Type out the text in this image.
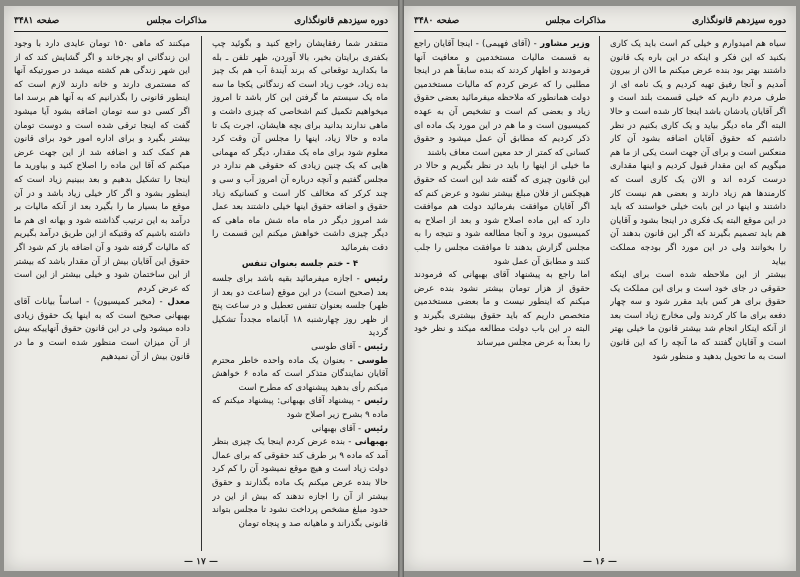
دوره سیزدهم قانونگذاری
مذاکرات مجلس
صفحه ۳۴۸۱

منتقدر شما رفقایشان راجع کنید و بگوئید چپ بکفتری برایتان بخیر، بالا آوردن، ظهر تلفن ـ بله ما بکدارید توقعاتی که برند آیندهٔ آب هم بک چیز بده زیاد، خوب زیاد است که زندگانی یکجا ما سه ماه یک سیستم ما گرفتن این کار باشد تا امروز میخواهیم تکمیل کنم اشخاصی که چیزی داشت و ماهی ندارند بدانید برای بچه هایشان، اجرت یک تا ماده و حالا زیاد، اینها را مجلس آن وقت کرد معلوم شود برای ماه یک مقدار، دیگر که مهمانی هایی که یک چنین زیادی که حقوقی هم ندارد در مجلس گفتیم و آنچه درباره آن امروز آب و سی و چند کرکر که مخالف کار است و کسانیکه زیاد حقوق و اضافه حقوق اینها خیلی داشتند بعد عمل شد امروز دیگر در ماه ماه شش ماه ماهی که دیگر چیزی داشت خواهش میکنم این قسمت را دقت بفرمائید

۴ - ختم جلسه بعنوان تنفس

رئیس - اجازه میفرمائید بقیه باشد برای جلسه بعد (صحیح است) در این موقع (ساعت دو بعد از ظهر) جلسه بعنوان تنفس تعطیل و در ساعت پنج از ظهر روز چهارشنبه ۱۸ آبانماه مجدداً تشکیل گردید

رئیس - آقای طوسی

طوسی - بعنوان یک ماده واحده خاطر محترم آقایان نمایندگان متذکر است که ماده ۶ خواهش میکنم رأی بدهید پیشنهادی که مطرح است

رئیس - پیشنهاد آقای بهبهانی: پیشنهاد میکنم که ماده ۹ بشرح زیر اصلاح شود

رئیس - آقای بهبهانی

بهبهانی - بنده عرض کردم اینجا یک چیزی بنظر آمد که ماده ۹ بر طرف کند حقوقی که برای عمال دولت زیاد است و هیچ موقع نمیشود آن را کم کرد حالا بنده عرض میکنم یک ماده بگذارند و حقوق بیشتر از آن را اجازه ندهند که بیش از این در حدود مبلغ مشخص پرداخت نشود تا مجلس بتواند قانونی بگذراند و ماهیانه صد و پنجاه تومان

میکنند که ماهی ۱۵۰ تومان عایدی دارد با وجود این زندگانی او بچرخاند و اگر گشایش کند که از این شهر زندگی هم کشته میشد در صورتیکه آنها که مستمری دارند و خانه دارند لازم است که اینطور قانونی را بگذرانیم که به آنها هم برسد اما اگر کسی دو سه تومان اضافه بشود آیا میشود گفت که اینجا ترقی شده است و دوست تومان بیشتر بگیرد و برای اداره امور خود برای قانون هم کمک کند و اضافه شد از این جهت عرض میکنم که آقا این ماده را اصلاح کنید و بیاورید ما اینجا را تشکیل بدهیم و بعد ببینیم زیاد است که اینطور بشود و اگر کار خیلی زیاد باشد و در آن موقع ما بسیار ما را بگیرد بعد از آنکه مالیات بر درآمد به این ترتیب گذاشته شود و بهانه ای هم ما داشته باشیم که وقتیکه از این طریق درآمد بگیریم که مالیات گرفته شود و آن اضافه باز کم شود اگر حقوق این آقایان بیش از آن مقدار باشد که بیشتر از این ساختمان شود و خیلی بیشتر از این است که عرض کردم

معدل - (مخبر کمیسیون) - اساساً بیانات آقای بهبهانی صحیح است که به اینها یک حقوق زیادی داده میشود ولی در این قانون حقوق آنهاییکه بیش از آن میزان است منظور شده است و ما در قانون بیش از آن نمیدهیم

— ۱۷ —
دوره سیزدهم قانونگذاری
مذاکرات مجلس
صفحه ۳۴۸۰

سیاه هم امیدوارم و خیلی کم است باید یک کاری بکنید که این فکر و اینکه در این باره یک قانون داشتند بهتر بود بنده عرض میکنم ما الان از بیرون آمدیم و آنجا رفیق تهیه کردیم و یک نامه ای از طرف مردم داریم که خیلی قسمت بلند است و اگر آقایان یادشان باشد اینجا کار شده است و حالا البته اگر ماه دیگر بیاید و یک کاری بکنیم در نظر داشتیم که حقوق آقایان اضافه بشود آن کار منعکس است و برای آن جهت است یکی از ما هم میگویم که این مقدار قبول کردیم و اینها مقداری درست کرده اند و الان یک کاری است که کارمندها هم زیاد دارند و بعضی هم نیست کار داشتند و اینها در این بابت خیلی خواستند که باید در این موقع البته یک فکری در اینجا بشود و آقایان هم باید تصمیم بگیرند که اگر این قانون بدهند آن را بخوانند ولی در این مورد اگر بودجه مملکت بیاید

بیشتر از این ملاحظه شده است برای اینکه حقوقی در جای خود است و برای این مملکت یک حقوق برای هر کس باید مقرر شود و سه چهار دفعه برای ما کار کردند ولی مخارج زیاد است بعد از آنکه اینکار انجام شد بیشتر قانون ما خیلی بهتر است و آقایان گفتند که ما آنچه را که این قانون است به ما تحویل بدهید و منظور شود

وزیر مشاور - (آقای فهیمی) - اینجا آقایان راجع به قسمت مالیات مستخدمین و معافیت آنها فرمودند و اظهار کردند که بنده سابقاً هم در اینجا مطلبی را که عرض کردم که مالیات مستخدمین دولت همانطور که ملاحظه میفرمائید بعضی حقوق زیاد و بعضی کم است و تشخیص آن به عهده کمیسیون است و ما هم در این مورد یک ماده ای ذکر کردیم که مطابق آن عمل میشود و حقوق کسانی که کمتر از حد معین است معاف باشند

ما خیلی از اینها را باید در نظر بگیریم و حالا در این قانون چیزی که گفته شد این است که حقوق هیچکس از فلان مبلغ بیشتر نشود و عرض کنم که اگر آقایان موافقت بفرمائید دولت هم موافقت دارد که این ماده اصلاح شود و بعد از اصلاح به کمیسیون برود و آنجا مطالعه شود و نتیجه را به مجلس گزارش بدهند تا موافقت مجلس را جلب کنند و مطابق آن عمل شود

اما راجع به پیشنهاد آقای بهبهانی که فرمودند حقوق از هزار تومان بیشتر نشود بنده عرض میکنم که اینطور نیست و ما بعضی مستخدمین متخصص داریم که باید حقوق بیشتری بگیرند و البته در این باب دولت مطالعه میکند و نظر خود را بعداً به عرض مجلس میرساند

— ۱۶ —
